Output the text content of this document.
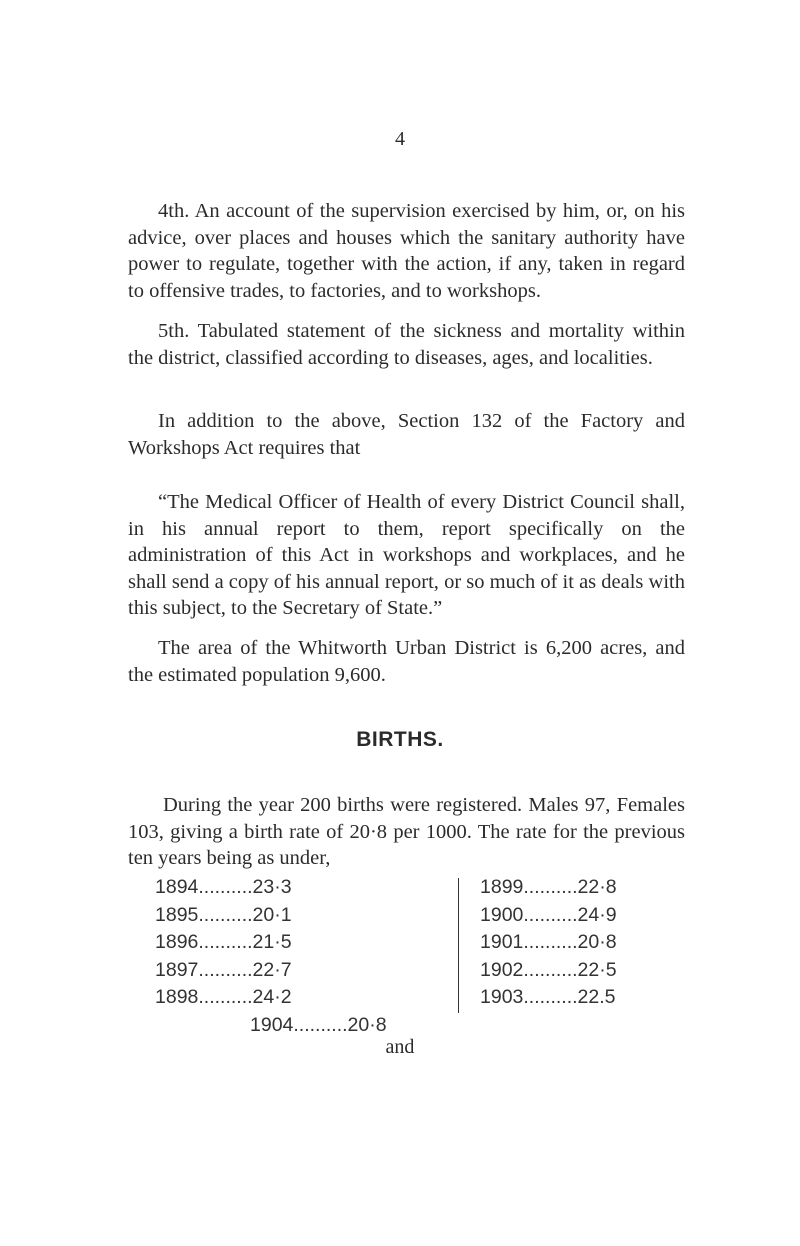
4

4th. An account of the supervision exercised by him, or, on his advice, over places and houses which the sanitary authority have power to regulate, together with the action, if any, taken in regard to offensive trades, to factories, and to workshops.

5th. Tabulated statement of the sickness and mortality within the district, classified according to diseases, ages, and localities.

In addition to the above, Section 132 of the Factory and Workshops Act requires that

“The Medical Officer of Health of every District Council shall, in his annual report to them, report specifically on the administration of this Act in workshops and workplaces, and he shall send a copy of his annual report, or so much of it as deals with this subject, to the Secretary of State.”

The area of the Whitworth Urban District is 6,200 acres, and the estimated population 9,600.

BIRTHS.

During the year 200 births were registered. Males 97, Females 103, giving a birth rate of 20·8 per 1000. The rate for the previous ten years being as under,

1894..........23·3
1895..........20·1
1896..........21·5
1897..........22·7
1898..........24·2
1899..........22·8
1900..........24·9
1901..........20·8
1902..........22·5
1903..........22.5
1904..........20·8
and
